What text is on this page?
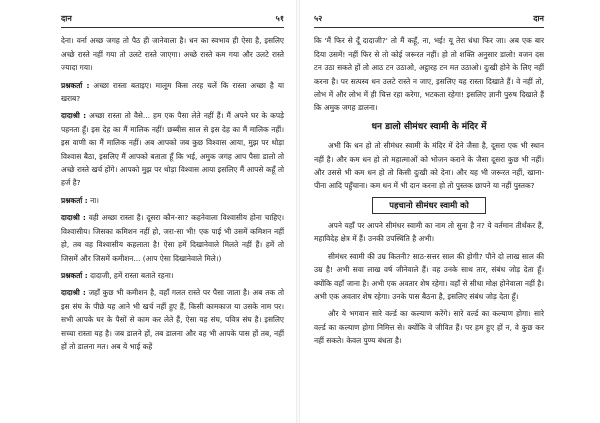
दान	५१

देना। वर्ना अच्छ जगह तो पैठ ही जानेवाला है। धन का स्वभाव ही ऐसा है, इसलिए अच्छे रास्ते नहीं गया तो उलटे रास्ते जाएगा। अच्छे रास्ते कम गया और उलटे रास्ते ज्यादा गया।

प्रश्नकर्ता : अच्छा रास्ता बताइए। मालूम किस तरह चलें कि रास्ता अच्छा है या खराब?

दादाश्री : अच्छा रास्ता तो वैसे... हम एक पैसा लेते नहीं हैं। मैं अपने घर के कपड़े पहनता हूँ। इस देह का मैं मालिक नहीं! छब्बीस साल से इस देह का मैं मालिक नहीं। इस वाणी का मैं मालिक नहीं। अब आपको जब कुछ विश्वास आया, मुझ पर थोड़ा विश्वास बैठा, इसलिए मैं आपको बताता हूँ कि भई, अमुक जगह आप पैसा डालो तो अच्छे रास्ते खर्च होंगे। आपको मुझ पर थोड़ा विश्वास आया इसलिए मैं आपसे कहूँ तो हर्ज है?

प्रश्नकर्ता : ना।

दादाश्री : वही अच्छा रास्ता है। दूसरा कौन-सा? कहनेवाला विश्वासीय होना चाहिए। विश्वासीय। जिसका कमिशन नहीं हो, जरा-सा भी! एक पाई भी उसमें कमिशन नहीं हो, तब वह विश्वासीय कहलाता है! ऐसा हमें दिखानेवाले मिलते नहीं हैं। हमें तो जिसमें और जिसमें कमीशन... (आप ऐसा दिखानेवाले मिले।)

प्रश्नकर्ता : दादाजी, हमें रास्ता बताते रहना।

दादाश्री : जहाँ कुछ भी कमीशन है, वहाँ गलत रास्ते पर पैसा जाता है। अब तक तो इस संघ के पीछे यह आने भी खर्च नहीं हुए हैं, किसी कामकाज या उसके नाम पर। सभी आपके घर के पैसों से काम कर लेते हैं, ऐसा यह संघ, पवित्र संघ है। इसलिए सच्चा रास्ता यह है। जब डालने हों, तब डालना और वह भी आपके पास हों तब, नहीं हों तो डालना मत। अब ये भाई कहें

५२	दान

कि 'मैं फिर से दूँ दादाजी?' तो मैं कहूँ, ना, भई! यू तेरा धंधा फिर जा। अब एक बार दिया उसमें! नहीं फिर से तो कोई जरूरत नहीं। हो तो शक्ति अनुसार डालो! वजन दस टन उठा सकते हों तो आठ टन उठाओ, अट्ठारह टन मत उठाओ। दुःखी होने के लिए नहीं करना है। पर सत्पस्व धन उलटे रास्ते न जाए, इसलिए यह रास्ता दिखाते हैं। वे नहीं तो, लोभ में और लोभ में ही चित्त रहा करेगा, भटकता रहेगा! इसलिए ज्ञानी पुरुष दिखाते हैं कि अमुक जगह डालना।

धन डालो सीमंधर स्वामी के मंदिर में

अभी कि धन हो तो सीमंधर स्वामी के मंदिर में देने जैसा है, दूसरा एक भी स्थान नहीं है। और कम धन हो तो महात्माओं को भोजन कराने के जैसा दूसरा कुछ भी नहीं। और उससे भी कम धन हो तो किसी दुःखी को देना। और यह भी जरूरत नहीं, खाना-पीना आदि पहुँचाना। कम धन में भी दान करना हो तो पुस्तक छापने या नहीं पुस्तक?

पहचानो सीमंधर स्वामी को

अपने यहाँ पर आपने सीमंधर स्वामी का नाम तो सुना है न? ये वर्तमान तीर्थंकर हैं, महाविदेह क्षेत्र में हैं। उनकी उपस्थिति है अभी।

सीमंधर स्वामी की उम्र कितनी? साठ-सत्तर साल की होगी? पौने दो लाख साल की उम्र है! अभी सवा लाख वर्ष जीनेवाले हैं। वह उनके साथ तार, संबंध जोड़ देता हूँ। क्योंकि वहाँ जाना है। अभी एक अवतार शेष रहेगा। वहाँ से सीधा मोक्ष होनेवाला नहीं है। अभी एक अवतार शेष रहेगा। उनके पास बैठना है, इसलिए संबंध जोड़ देता हूँ।

और ये भगवान सारे वर्ल्ड का कल्याण करेंगे। सारे वर्ल्ड का कल्याण होगा। सारे वर्ल्ड का कल्याण होगा निमित्त से। क्योंकि वे जीवित हैं। पर हम हुए हों न, वे कुछ कर नहीं सकते। केवल पुण्य बंधता है।
